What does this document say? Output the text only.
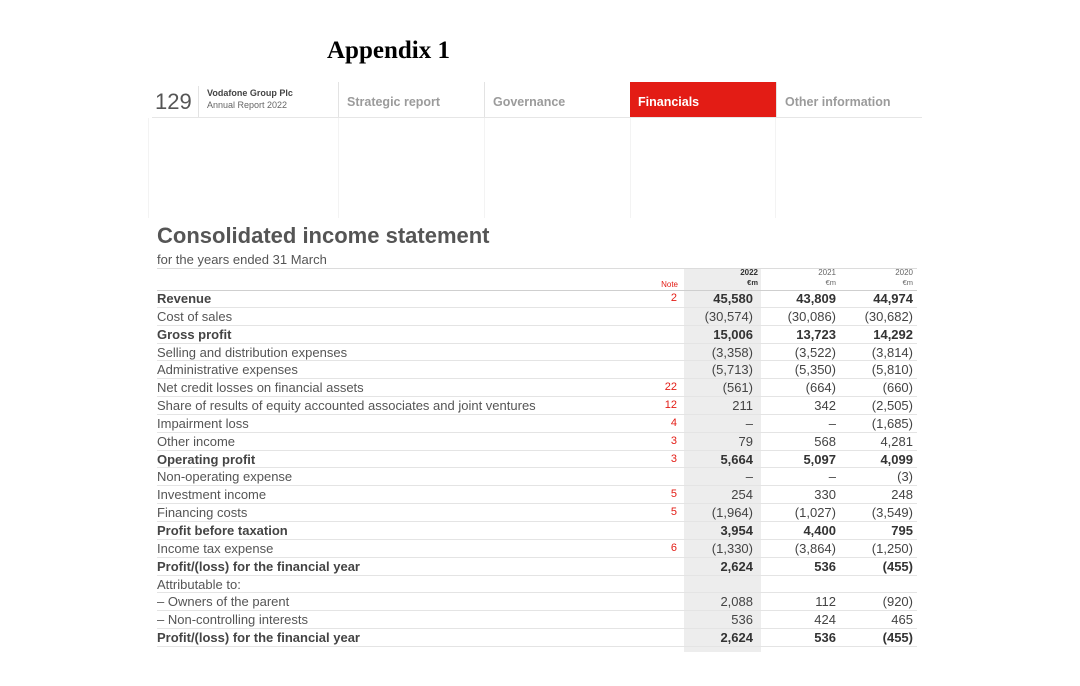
Appendix 1
129 Vodafone Group Plc
Annual Report 2022	Strategic report	Governance	Financials	Other information
Consolidated income statement
for the years ended 31 March
Note
2022
€m
2021
€m
2020
€m
Revenue	2	45,580	43,809	44,974
Cost of sales	(30,574)	(30,086)	(30,682)
Gross profit	15,006	13,723	14,292
Selling and distribution expenses	(3,358)	(3,522)	(3,814)
Administrative expenses	(5,713)	(5,350)	(5,810)
Net credit losses on financial assets	22	(561)	(664)	(660)
Share of results of equity accounted associates and joint ventures	12	211	342	(2,505)
Impairment loss	4	–	–	(1,685)
Other income	3	79	568	4,281
Operating profit	3	5,664	5,097	4,099
Non-operating expense	–	–	(3)
Investment income	5	254	330	248
Financing costs	5	(1,964)	(1,027)	(3,549)
Profit before taxation	3,954	4,400	795
Income tax expense	6	(1,330)	(3,864)	(1,250)
Profit/(loss) for the financial year	2,624	536	(455)
Attributable to:
– Owners of the parent	2,088	112	(920)
– Non-controlling interests	536	424	465
Profit/(loss) for the financial year	2,624	536	(455)
